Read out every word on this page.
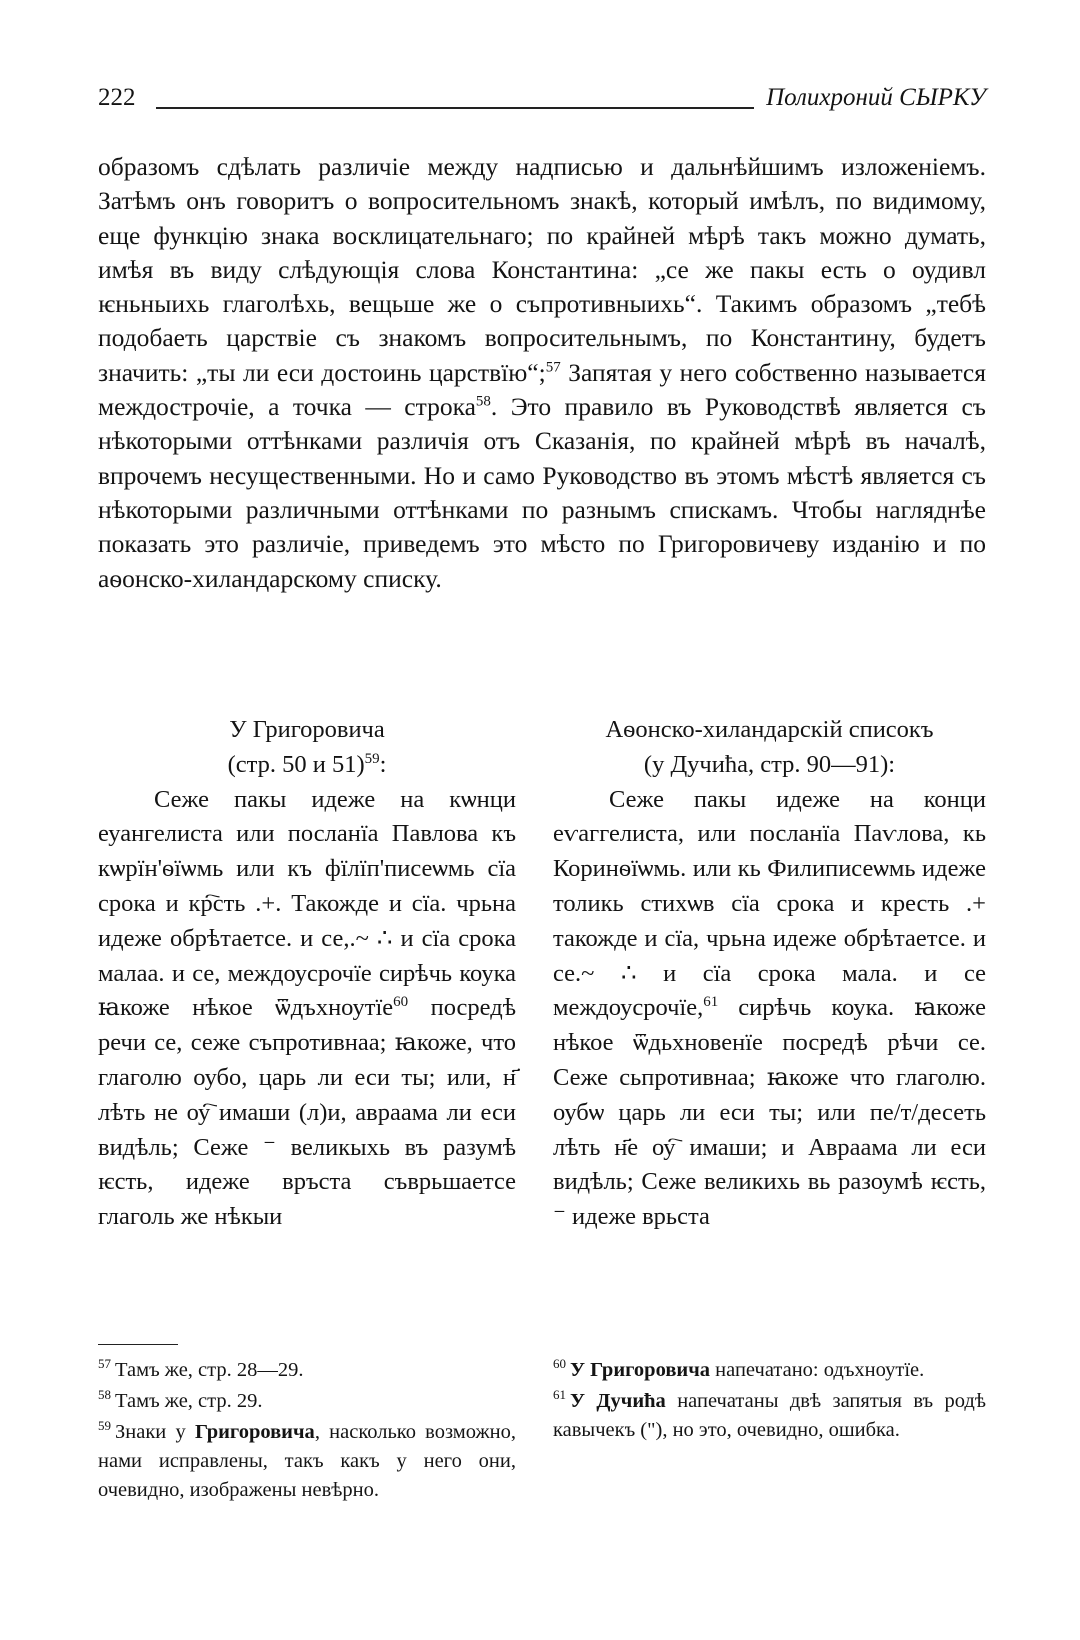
222	Полихроний СЫРКУ

образомъ сдѣлать различіе между надписью и дальнѣйшимъ изложеніемъ. Затѣмъ онъ говоритъ о вопросительномъ знакѣ, который имѣлъ, по видимому, еще функцію знака восклицательнаго; по крайней мѣрѣ такъ можно думать, имѣя въ виду слѣдующія слова Константина: „се же пакы есть о оудивл ѥньныихь глаголѣхь, вещьше же о съпротивныихь“. Такимъ образомъ „тебѣ подобаеть царствіе съ знакомъ вопросительнымъ, по Константину, будетъ значить: „ты ли еси достоинь царствїю“;$^{57}$ Запятая у него собственно называется междострочіе, а точка — строка$^{58}$. Это правило въ Руководствѣ является съ нѣкоторыми оттѣнками различія отъ Сказанія, по крайней мѣрѣ въ началѣ, впрочемъ несущественными. Но и само Руководство въ этомъ мѣстѣ является съ нѣкоторыми различными оттѣнками по разнымъ спискамъ. Чтобы нагляднѣе показать это различіе, приведемъ это мѣсто по Григоровичеву изданію и по аѳонско-хиландарскому списку.

У Григоровича
(стр. 50 и 51)$^{59}$:

Сеже пакы идеже на кѡнци еуангелиста или посланїа Павлова къ кѡрїн'ѳїѡмь или къ фїлїп'писеѡмь сїа срока и кр҇сть .+. Такожде и сїа. чрьна идеже обрѣтаетсе. и се,.~ ∴ и сїа срока малаа. и се, междоусрочїе сирѣчь коука ꙗкоже нѣкое ѿдъхноутїе$^{60}$ посредѣ речи се, сеже съпротивнаа; ꙗкоже, что глаголю оубо, царь ли еси ты; или, н҃ лѣть не оу҇ имаши (л)и, авраама ли еси видѣль; Сеже ⁻ великыхь въ разумѣ ѥсть, идеже връста съврьшаетсе глаголь же нѣкыи

Аѳонско-хиландарскій списокъ
(у Дучиħа, стр. 90—91):

Сеже пакы идеже на конци еѵаггелиста, или посланїа Паѵлова, кь Коринѳїѡмь. или кь Филиписеѡмь идеже толикь стихѡв сїа срока и кресть .+ такожде и сїа, чрьна идеже обрѣтаетсе. и се.~ ∴ и сїа срока мала. и се междоусрочїе,$^{61}$ сирѣчь коука. ꙗкоже нѣкое ѿдьхновенїе посредѣ рѣчи се. Сеже сьпротивнаа; ꙗкоже что глаголю. оубѡ царь ли еси ты; или пе/т/десеть лѣть н҃е оу҇ имаши; и Авраама ли еси видѣль; Сеже великихь вь разоумѣ ѥсть, ⁻ идеже врьста

$^{57}$ Тамъ же, стр. 28—29.

$^{58}$ Тамъ же, стр. 29.

$^{59}$ Знаки у Григоровича, насколько возможно, нами исправлены, такъ какъ у него они, очевидно, изображены невѣрно.

$^{60}$ У Григоровича напечатано: одъхноутїе.

$^{61}$ У Дучиħа напечатаны двѣ запятыя въ родѣ кавычекъ ("), но это, очевидно, ошибка.
